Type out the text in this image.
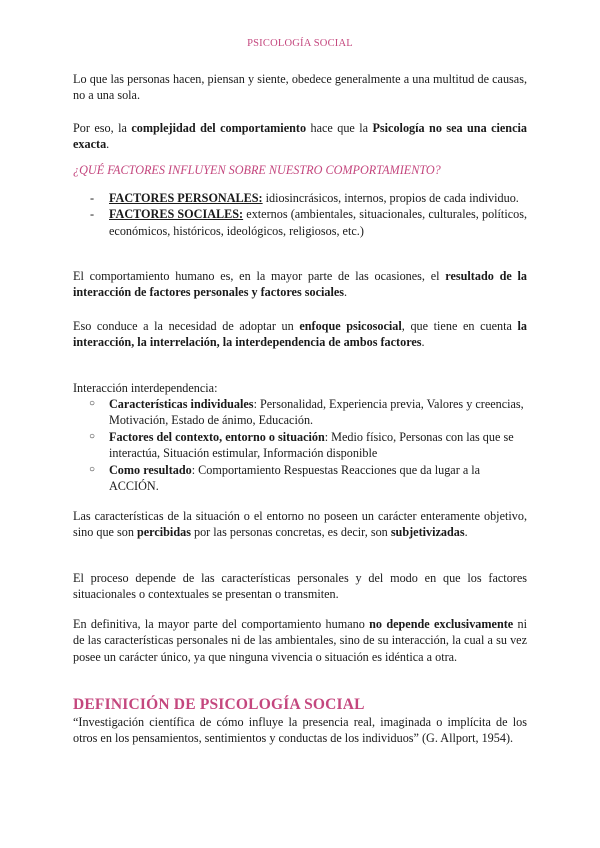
PSICOLOGÍA SOCIAL

Lo que las personas hacen, piensan y siente, obedece generalmente a una multitud de causas, no a una sola.

Por eso, la complejidad del comportamiento hace que la Psicología no sea una ciencia exacta.

¿QUÉ FACTORES INFLUYEN SOBRE NUESTRO COMPORTAMIENTO?

- FACTORES PERSONALES: idiosincrásicos, internos, propios de cada individuo.
- FACTORES SOCIALES: externos (ambientales, situacionales, culturales, políticos, económicos, históricos, ideológicos, religiosos, etc.)

El comportamiento humano es, en la mayor parte de las ocasiones, el resultado de la interacción de factores personales y factores sociales.

Eso conduce a la necesidad de adoptar un enfoque psicosocial, que tiene en cuenta la interacción, la interrelación, la interdependencia de ambos factores.

Interacción interdependencia:

○ Características individuales: Personalidad, Experiencia previa, Valores y creencias, Motivación, Estado de ánimo, Educación.
○ Factores del contexto, entorno o situación: Medio físico, Personas con las que se interactúa, Situación estimular, Información disponible
○ Como resultado: Comportamiento Respuestas Reacciones que da lugar a la ACCIÓN.

Las características de la situación o el entorno no poseen un carácter enteramente objetivo, sino que son percibidas por las personas concretas, es decir, son subjetivizadas.

El proceso depende de las características personales y del modo en que los factores situacionales o contextuales se presentan o transmiten.

En definitiva, la mayor parte del comportamiento humano no depende exclusivamente ni de las características personales ni de las ambientales, sino de su interacción, la cual a su vez posee un carácter único, ya que ninguna vivencia o situación es idéntica a otra.

DEFINICIÓN DE PSICOLOGÍA SOCIAL

“Investigación científica de cómo influye la presencia real, imaginada o implícita de los otros en los pensamientos, sentimientos y conductas de los individuos” (G. Allport, 1954).
